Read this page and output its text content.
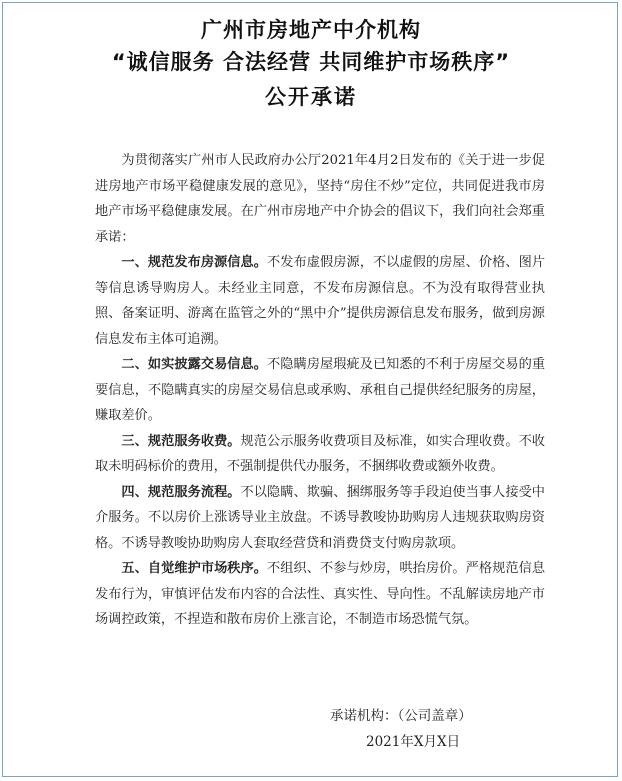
广州市房地产中介机构
“诚信服务 合法经营 共同维护市场秩序”
公开承诺

为贯彻落实广州市人民政府办公厅2021年4月2日发布的《关于进一步促进房地产市场平稳健康发展的意见》，坚持“房住不炒”定位，共同促进我市房地产市场平稳健康发展。在广州市房地产中介协会的倡议下，我们向社会郑重承诺：

一、规范发布房源信息。不发布虚假房源，不以虚假的房屋、价格、图片等信息诱导购房人。未经业主同意，不发布房源信息。不为没有取得营业执照、备案证明、游离在监管之外的“黑中介”提供房源信息发布服务，做到房源信息发布主体可追溯。

二、如实披露交易信息。不隐瞒房屋瑕疵及已知悉的不利于房屋交易的重要信息，不隐瞒真实的房屋交易信息或承购、承租自己提供经纪服务的房屋，赚取差价。

三、规范服务收费。规范公示服务收费项目及标准，如实合理收费。不收取未明码标价的费用，不强制提供代办服务，不捆绑收费或额外收费。

四、规范服务流程。不以隐瞒、欺骗、捆绑服务等手段迫使当事人接受中介服务。不以房价上涨诱导业主放盘。不诱导教唆协助购房人违规获取购房资格。不诱导教唆协助购房人套取经营贷和消费贷支付购房款项。

五、自觉维护市场秩序。不组织、不参与炒房，哄抬房价。严格规范信息发布行为，审慎评估发布内容的合法性、真实性、导向性。不乱解读房地产市场调控政策，不捏造和散布房价上涨言论，不制造市场恐慌气氛。

承诺机构：（公司盖章）
2021年X月X日
